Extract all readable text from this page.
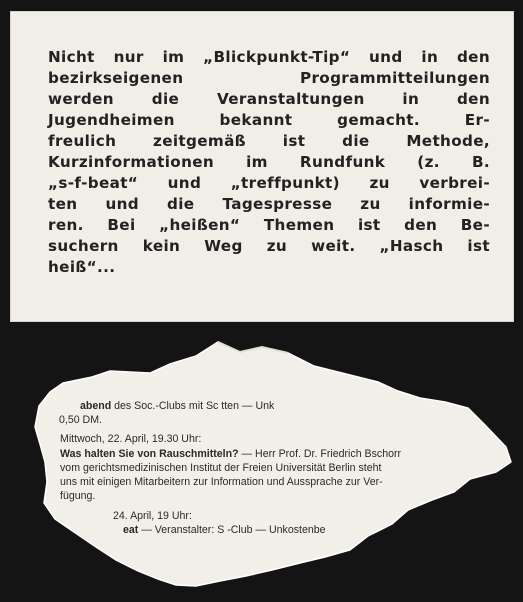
Nicht nur im „Blickpunkt-Tip“ und in den
bezirkseigenen Programmitteilungen
werden die Veranstaltungen in den
Jugendheimen bekannt gemacht. Er-
freulich zeitgemäß ist die Methode,
Kurzinformationen im Rundfunk (z. B.
„s-f-beat“ und „treffpunkt) zu verbrei-
ten und die Tagespresse zu informie-
ren. Bei „heißen“ Themen ist den Be-
suchern kein Weg zu weit. „Hasch ist
heiß“...
abend des Soc.-Clubs mit Sc tten — Unk
0,50 DM.
Mittwoch, 22. April, 19.30 Uhr:
Was halten Sie von Rauschmitteln? — Herr Prof. Dr. Friedrich Bschorr
vom gerichtsmedizinischen Institut der Freien Universität Berlin steht
uns mit einigen Mitarbeitern zur Information und Aussprache zur Ver-
fügung.
24. April, 19 Uhr:
eat — Veranstalter: S -Club — Unkostenbe
